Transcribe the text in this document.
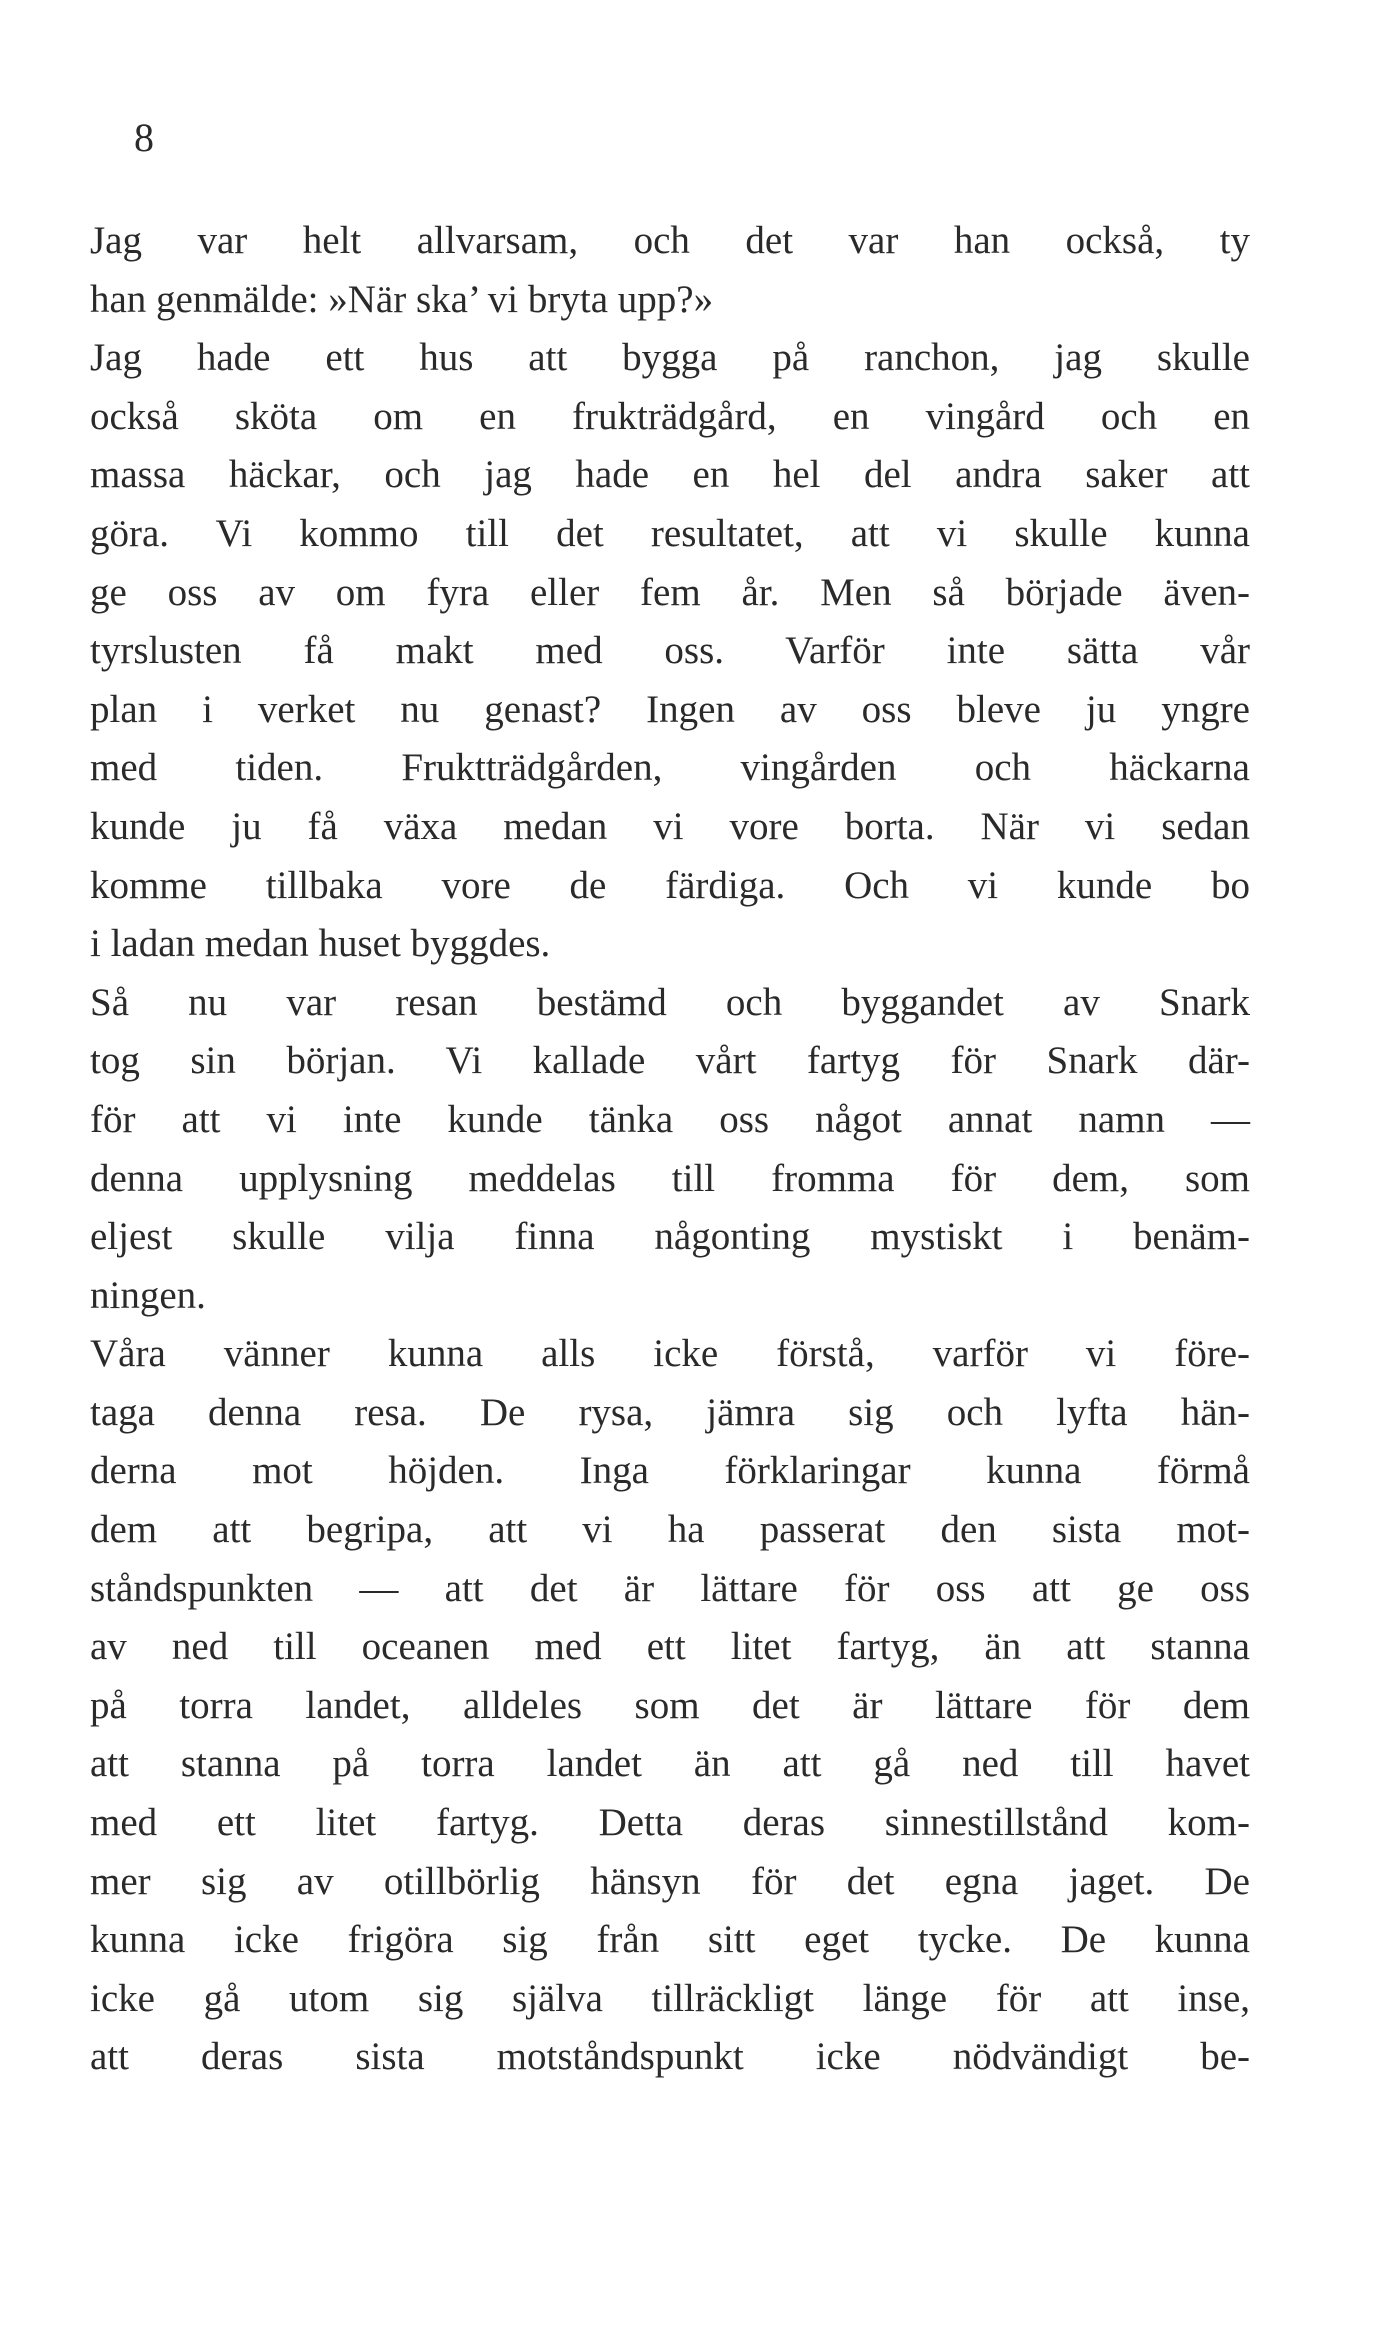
8
Jag var helt allvarsam, och det var han också, ty
han genmälde: »När ska’ vi bryta upp?»
Jag hade ett hus att bygga på ranchon, jag skulle
också sköta om en frukträdgård, en vingård och en
massa häckar, och jag hade en hel del andra saker att
göra. Vi kommo till det resultatet, att vi skulle kunna
ge oss av om fyra eller fem år. Men så började även-
tyrslusten få makt med oss. Varför inte sätta vår
plan i verket nu genast? Ingen av oss bleve ju yngre
med tiden. Fruktträdgården, vingården och häckarna
kunde ju få växa medan vi vore borta. När vi sedan
komme tillbaka vore de färdiga. Och vi kunde bo
i ladan medan huset byggdes.
Så nu var resan bestämd och byggandet av Snark
tog sin början. Vi kallade vårt fartyg för Snark där-
för att vi inte kunde tänka oss något annat namn —
denna upplysning meddelas till fromma för dem, som
eljest skulle vilja finna någonting mystiskt i benäm-
ningen.
Våra vänner kunna alls icke förstå, varför vi före-
taga denna resa. De rysa, jämra sig och lyfta hän-
derna mot höjden. Inga förklaringar kunna förmå
dem att begripa, att vi ha passerat den sista mot-
ståndspunkten — att det är lättare för oss att ge oss
av ned till oceanen med ett litet fartyg, än att stanna
på torra landet, alldeles som det är lättare för dem
att stanna på torra landet än att gå ned till havet
med ett litet fartyg. Detta deras sinnestillstånd kom-
mer sig av otillbörlig hänsyn för det egna jaget. De
kunna icke frigöra sig från sitt eget tycke. De kunna
icke gå utom sig själva tillräckligt länge för att inse,
att deras sista motståndspunkt icke nödvändigt be-
